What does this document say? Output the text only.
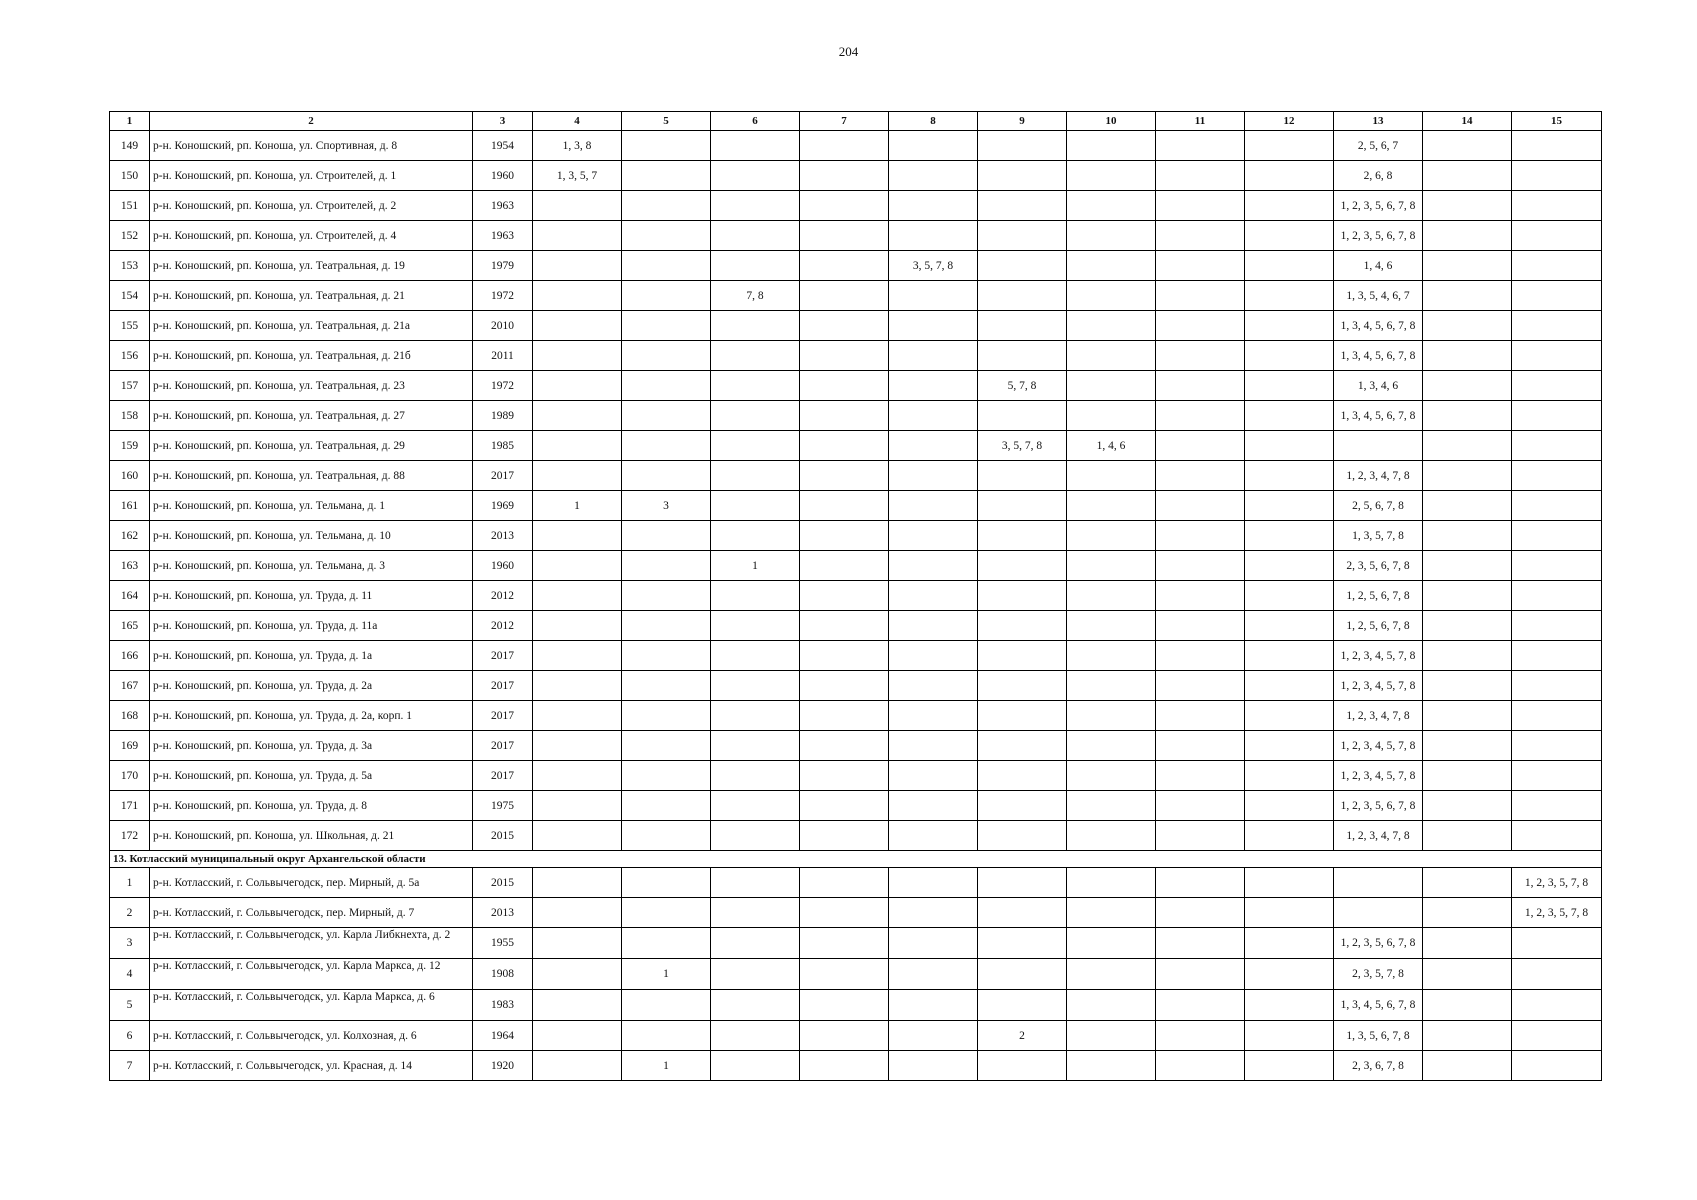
204
1	2	3	4	5	6	7	8	9	10	11	12	13	14	15
149	р-н. Коношский, рп. Коноша, ул. Спортивная, д. 8	1954	1, 3, 8									2, 5, 6, 7		
150	р-н. Коношский, рп. Коноша, ул. Строителей, д. 1	1960	1, 3, 5, 7									2, 6, 8		
151	р-н. Коношский, рп. Коноша, ул. Строителей, д. 2	1963										1, 2, 3, 5, 6, 7, 8		
152	р-н. Коношский, рп. Коноша, ул. Строителей, д. 4	1963										1, 2, 3, 5, 6, 7, 8		
153	р-н. Коношский, рп. Коноша, ул. Театральная, д. 19	1979					3, 5, 7, 8					1, 4, 6		
154	р-н. Коношский, рп. Коноша, ул. Театральная, д. 21	1972			7, 8							1, 3, 5, 4, 6, 7		
155	р-н. Коношский, рп. Коноша, ул. Театральная, д. 21а	2010										1, 3, 4, 5, 6, 7, 8		
156	р-н. Коношский, рп. Коноша, ул. Театральная, д. 21б	2011										1, 3, 4, 5, 6, 7, 8		
157	р-н. Коношский, рп. Коноша, ул. Театральная, д. 23	1972						5, 7, 8				1, 3, 4, 6		
158	р-н. Коношский, рп. Коноша, ул. Театральная, д. 27	1989										1, 3, 4, 5, 6, 7, 8		
159	р-н. Коношский, рп. Коноша, ул. Театральная, д. 29	1985						3, 5, 7, 8	1, 4, 6					
160	р-н. Коношский, рп. Коноша, ул. Театральная, д. 88	2017										1, 2, 3, 4, 7, 8		
161	р-н. Коношский, рп. Коноша, ул. Тельмана, д. 1	1969	1	3								2, 5, 6, 7, 8		
162	р-н. Коношский, рп. Коноша, ул. Тельмана, д. 10	2013										1, 3, 5, 7, 8		
163	р-н. Коношский, рп. Коноша, ул. Тельмана, д. 3	1960			1							2, 3, 5, 6, 7, 8		
164	р-н. Коношский, рп. Коноша, ул. Труда, д. 11	2012										1, 2, 5, 6, 7, 8		
165	р-н. Коношский, рп. Коноша, ул. Труда, д. 11а	2012										1, 2, 5, 6, 7, 8		
166	р-н. Коношский, рп. Коноша, ул. Труда, д. 1а	2017										1, 2, 3, 4, 5, 7, 8		
167	р-н. Коношский, рп. Коноша, ул. Труда, д. 2а	2017										1, 2, 3, 4, 5, 7, 8		
168	р-н. Коношский, рп. Коноша, ул. Труда, д. 2а, корп. 1	2017										1, 2, 3, 4, 7, 8		
169	р-н. Коношский, рп. Коноша, ул. Труда, д. 3а	2017										1, 2, 3, 4, 5, 7, 8		
170	р-н. Коношский, рп. Коноша, ул. Труда, д. 5а	2017										1, 2, 3, 4, 5, 7, 8		
171	р-н. Коношский, рп. Коноша, ул. Труда, д. 8	1975										1, 2, 3, 5, 6, 7, 8		
172	р-н. Коношский, рп. Коноша, ул. Школьная, д. 21	2015										1, 2, 3, 4, 7, 8		
13. Котласский муниципальный округ Архангельской области														
1	р-н. Котласский, г. Сольвычегодск, пер. Мирный, д. 5а	2015												1, 2, 3, 5, 7, 8
2	р-н. Котласский, г. Сольвычегодск, пер. Мирный, д. 7	2013												1, 2, 3, 5, 7, 8
3	р-н. Котласский, г. Сольвычегодск, ул. Карла Либкнехта, д. 2	1955										1, 2, 3, 5, 6, 7, 8		
4	р-н. Котласский, г. Сольвычегодск, ул. Карла Маркса, д. 12	1908		1								2, 3, 5, 7, 8		
5	р-н. Котласский, г. Сольвычегодск, ул. Карла Маркса, д. 6	1983										1, 3, 4, 5, 6, 7, 8		
6	р-н. Котласский, г. Сольвычегодск, ул. Колхозная, д. 6	1964						2				1, 3, 5, 6, 7, 8		
7	р-н. Котласский, г. Сольвычегодск, ул. Красная, д. 14	1920		1								2, 3, 6, 7, 8		
